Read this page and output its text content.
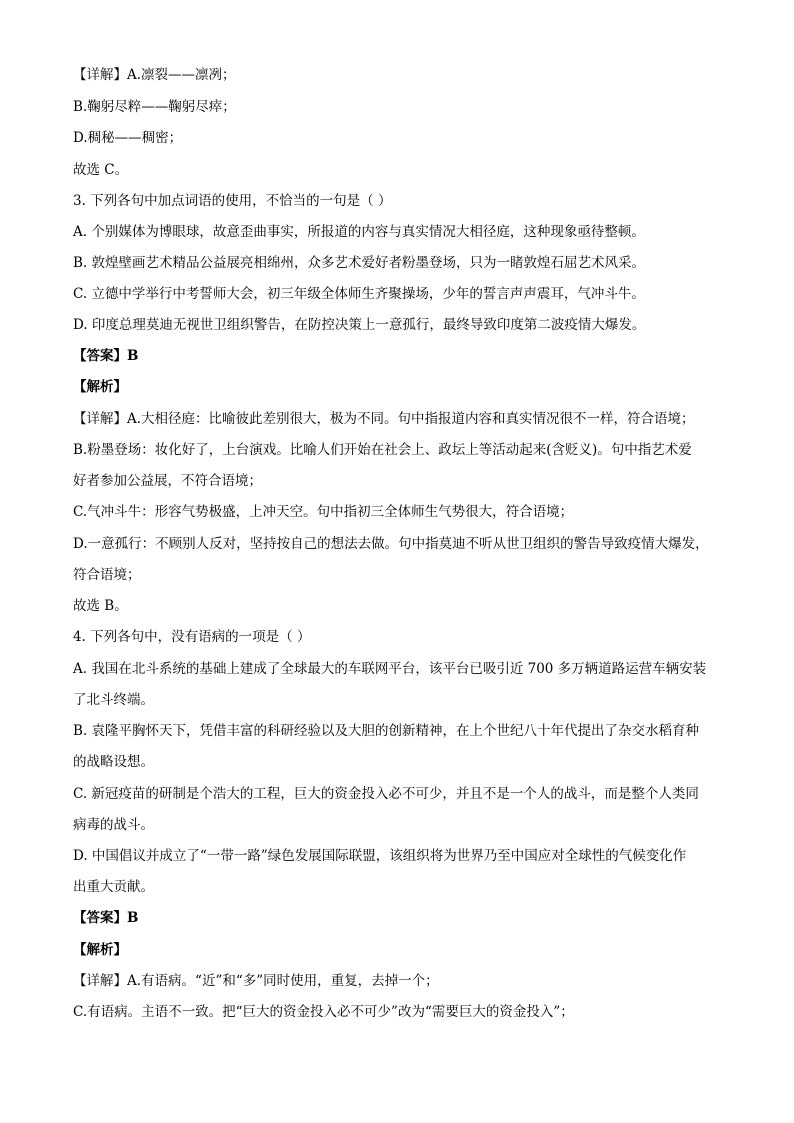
【详解】A.凛裂——凛冽；
B.鞠躬尽粹——鞠躬尽瘁；
D.稠秘——稠密；
故选 C。
3. 下列各句中加点词语的使用，不恰当的一句是（ ）
A. 个别媒体为博眼球，故意歪曲事实，所报道的内容与真实情况大相径庭，这种现象亟待整顿。
B. 敦煌壁画艺术精品公益展亮相绵州，众多艺术爱好者粉墨登场，只为一睹敦煌石屈艺术风采。
C. 立德中学举行中考誓师大会，初三年级全体师生齐聚操场，少年的誓言声声震耳，气冲斗牛。
D. 印度总理莫迪无视世卫组织警告，在防控决策上一意孤行，最终导致印度第二波疫情大爆发。
【答案】B
【解析】
【详解】A.大相径庭：比喻彼此差别很大，极为不同。句中指报道内容和真实情况很不一样，符合语境；
B.粉墨登场：妆化好了，上台演戏。比喻人们开始在社会上、政坛上等活动起来(含贬义)。句中指艺术爱
好者参加公益展，不符合语境；
C.气冲斗牛：形容气势极盛，上冲天空。句中指初三全体师生气势很大，符合语境；
D.一意孤行：不顾别人反对，坚持按自己的想法去做。句中指莫迪不听从世卫组织的警告导致疫情大爆发，
符合语境；
故选 B。
4. 下列各句中，没有语病的一项是（ ）
A. 我国在北斗系统的基础上建成了全球最大的车联网平台，该平台已吸引近 700 多万辆道路运营车辆安装
了北斗终端。
B. 袁隆平胸怀天下，凭借丰富的科研经验以及大胆的创新精神，在上个世纪八十年代提出了杂交水稻育种
的战略设想。
C. 新冠疫苗的研制是个浩大的工程，巨大的资金投入必不可少，并且不是一个人的战斗，而是整个人类同
病毒的战斗。
D. 中国倡议并成立了“一带一路”绿色发展国际联盟，该组织将为世界乃至中国应对全球性的气候变化作
出重大贡献。
【答案】B
【解析】
【详解】A.有语病。“近”和“多”同时使用，重复，去掉一个；
C.有语病。主语不一致。把“巨大的资金投入必不可少”改为“需要巨大的资金投入”；
